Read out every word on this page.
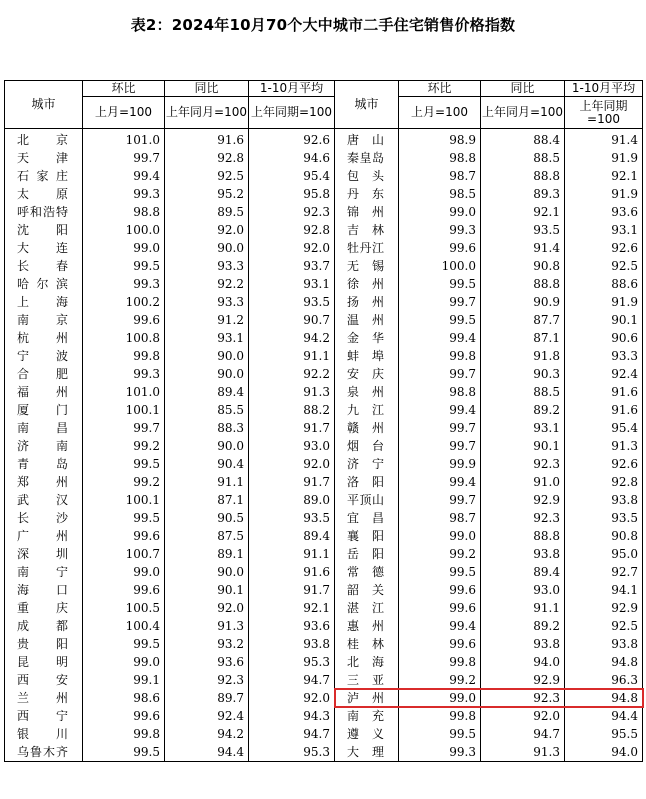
表2：2024年10月70个大中城市二手住宅销售价格指数
城市	环比	同比	1-10月平均	城市	环比	同比	1-10月平均
	上月=100	上年同月=100	上年同期=100		上月=100	上年同月=100	上年同期=100
北京	101.0	91.6	92.6	唐山	98.9	88.4	91.4
天津	99.7	92.8	94.6	秦皇岛	98.8	88.5	91.9
石家庄	99.4	92.5	95.4	包头	98.7	88.8	92.1
太原	99.3	95.2	95.8	丹东	98.5	89.3	91.9
呼和浩特	98.8	89.5	92.3	锦州	99.0	92.1	93.6
沈阳	100.0	92.0	92.8	吉林	99.3	93.5	93.1
大连	99.0	90.0	92.0	牡丹江	99.6	91.4	92.6
长春	99.5	93.3	93.7	无锡	100.0	90.8	92.5
哈尔滨	99.3	92.2	93.1	徐州	99.5	88.8	88.6
上海	100.2	93.3	93.5	扬州	99.7	90.9	91.9
南京	99.6	91.2	90.7	温州	99.5	87.7	90.1
杭州	100.8	93.1	94.2	金华	99.4	87.1	90.6
宁波	99.8	90.0	91.1	蚌埠	99.8	91.8	93.3
合肥	99.3	90.0	92.2	安庆	99.7	90.3	92.4
福州	101.0	89.4	91.3	泉州	98.8	88.5	91.6
厦门	100.1	85.5	88.2	九江	99.4	89.2	91.6
南昌	99.7	88.3	91.7	赣州	99.7	93.1	95.4
济南	99.2	90.0	93.0	烟台	99.7	90.1	91.3
青岛	99.5	90.4	92.0	济宁	99.9	92.3	92.6
郑州	99.2	91.1	91.7	洛阳	99.4	91.0	92.8
武汉	100.1	87.1	89.0	平顶山	99.7	92.9	93.8
长沙	99.5	90.5	93.5	宜昌	98.7	92.3	93.5
广州	99.6	87.5	89.4	襄阳	99.0	88.8	90.8
深圳	100.7	89.1	91.1	岳阳	99.2	93.8	95.0
南宁	99.0	90.0	91.6	常德	99.5	89.4	92.7
海口	99.6	90.1	91.7	韶关	99.6	93.0	94.1
重庆	100.5	92.0	92.1	湛江	99.6	91.1	92.9
成都	100.4	91.3	93.6	惠州	99.4	89.2	92.5
贵阳	99.5	93.2	93.8	桂林	99.6	93.8	93.8
昆明	99.0	93.6	95.3	北海	99.8	94.0	94.8
西安	99.1	92.3	94.7	三亚	99.2	92.9	96.3
兰州	98.6	89.7	92.0	泸州	99.0	92.3	94.8
西宁	99.6	92.4	94.3	南充	99.8	92.0	94.4
银川	99.8	94.2	94.7	遵义	99.5	94.7	95.5
乌鲁木齐	99.5	94.4	95.3	大理	99.3	91.3	94.0
